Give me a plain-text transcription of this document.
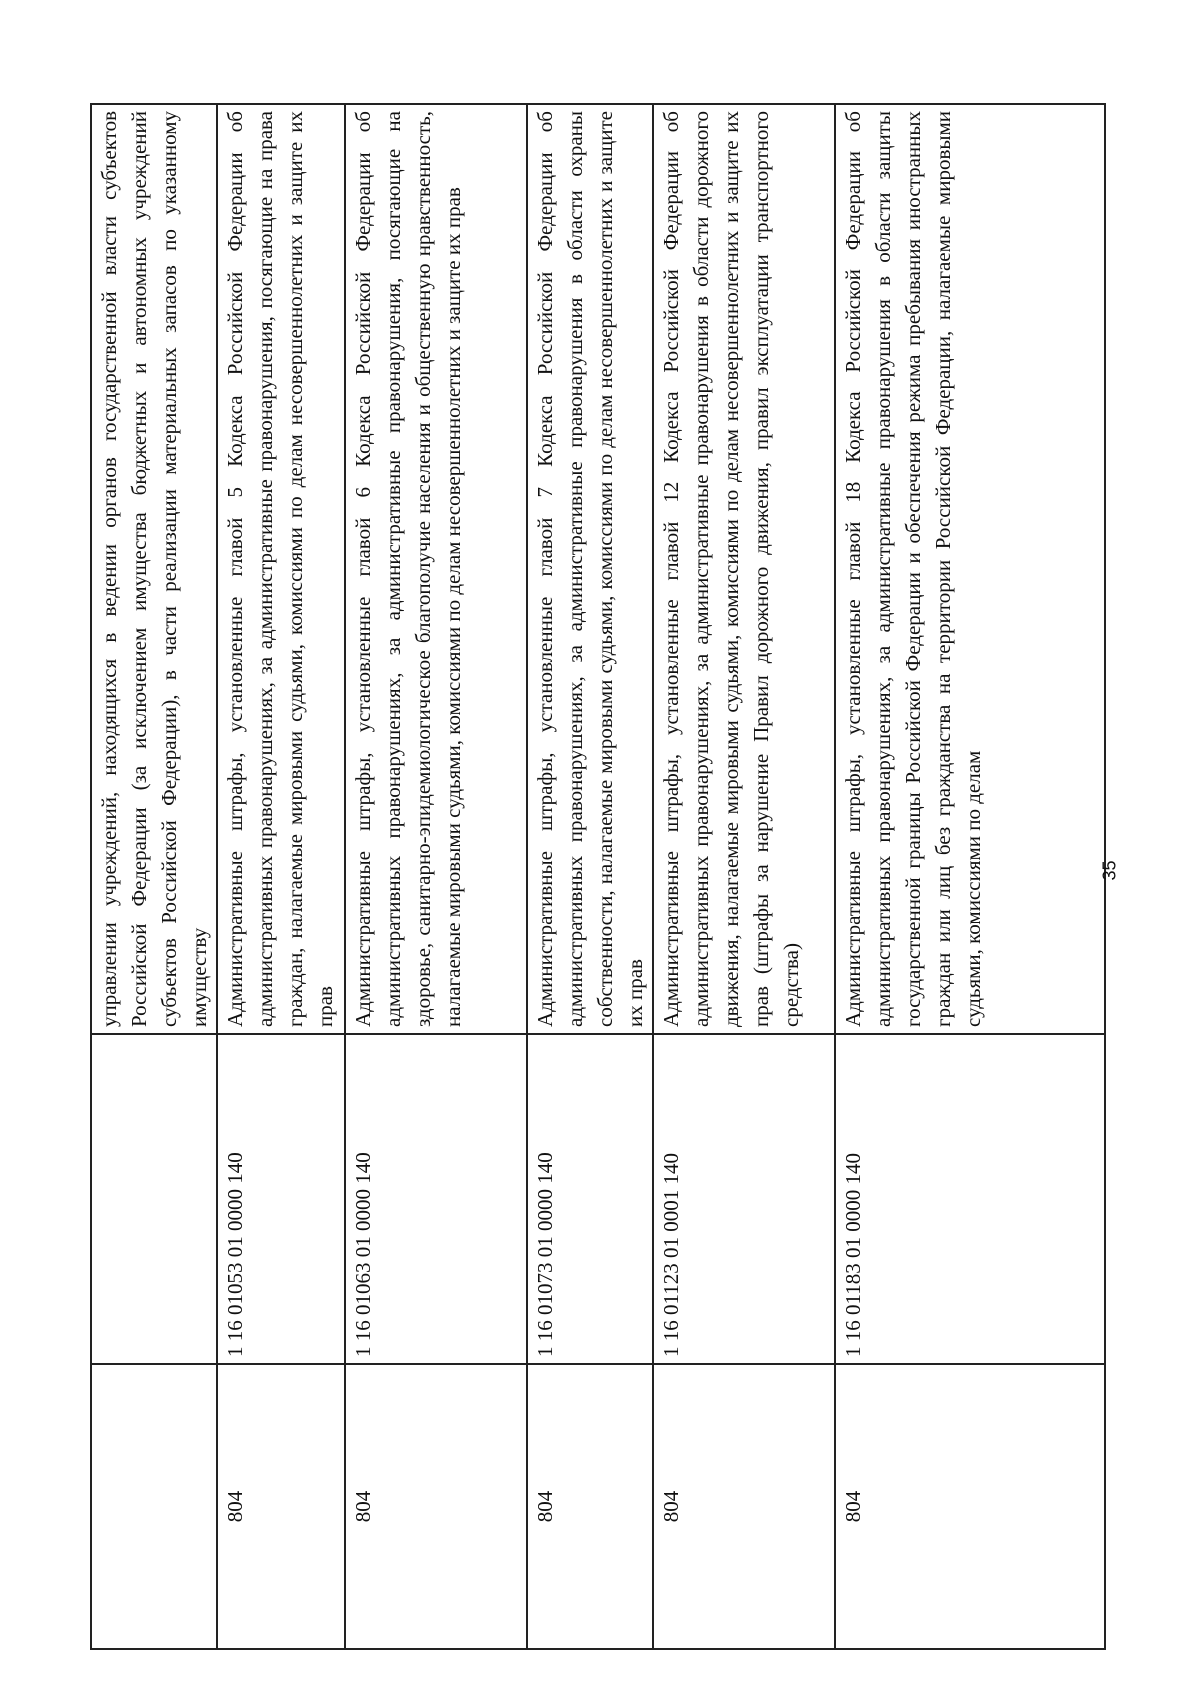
		управлении учреждений, находящихся в ведении органов государственной власти субъектов Российской Федерации (за исключением имущества бюджетных и автономных учреждений субъектов Российской Федерации), в части реализации материальных запасов по указанному имуществу
804	1 16 01053 01 0000 140	Административные штрафы, установленные главой 5 Кодекса Российской Федерации об административных правонарушениях, за административные правонарушения, посягающие на права граждан, налагаемые мировыми судьями, комиссиями по делам несовершеннолетних и защите их прав
804	1 16 01063 01 0000 140	Административные штрафы, установленные главой 6 Кодекса Российской Федерации об административных правонарушениях, за административные правонарушения, посягающие на здоровье, санитарно-эпидемиологическое благополучие населения и общественную нравственность, налагаемые мировыми судьями, комиссиями по делам несовершеннолетних и защите их прав
804	1 16 01073 01 0000 140	Административные штрафы, установленные главой 7 Кодекса Российской Федерации об административных правонарушениях, за административные правонарушения в области охраны собственности, налагаемые мировыми судьями, комиссиями по делам несовершеннолетних и защите их прав
804	1 16 01123 01 0001 140	Административные штрафы, установленные главой 12 Кодекса Российской Федерации об административных правонарушениях, за административные правонарушения в области дорожного движения, налагаемые мировыми судьями, комиссиями по делам несовершеннолетних и защите их прав (штрафы за нарушение Правил дорожного движения, правил эксплуатации транспортного средства)
804	1 16 01183 01 0000 140	Административные штрафы, установленные главой 18 Кодекса Российской Федерации об административных правонарушениях, за административные правонарушения в области защиты государственной границы Российской Федерации и обеспечения режима пребывания иностранных граждан или лиц без гражданства на территории Российской Федерации, налагаемые мировыми судьями, комиссиями по делам	35
